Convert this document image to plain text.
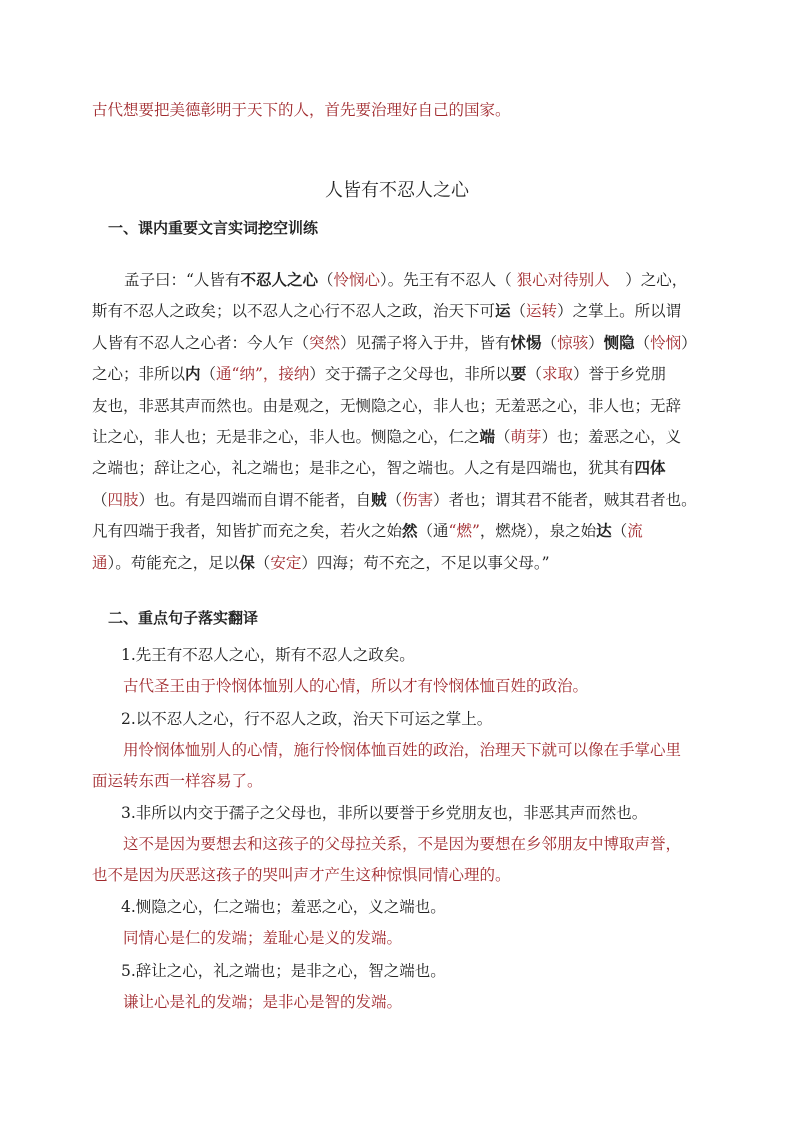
古代想要把美德彰明于天下的人，首先要治理好自己的国家。
人皆有不忍人之心
一、课内重要文言实词挖空训练
孟子曰：“人皆有不忍人之心（怜悯心）。先王有不忍人（ 狠心对待别人　）之心，
斯有不忍人之政矣；以不忍人之心行不忍人之政，治天下可运（运转）之掌上。所以谓
人皆有不忍人之心者：今人乍（突然）见孺子将入于井，皆有怵惕（惊骇）恻隐（怜悯）
之心；非所以内（通“纳”，接纳）交于孺子之父母也，非所以要（求取）誉于乡党朋
友也，非恶其声而然也。由是观之，无恻隐之心，非人也；无羞恶之心，非人也；无辞
让之心，非人也；无是非之心，非人也。恻隐之心，仁之端（萌芽）也；羞恶之心，义
之端也；辞让之心，礼之端也；是非之心，智之端也。人之有是四端也，犹其有四体
（四肢）也。有是四端而自谓不能者，自贼（伤害）者也；谓其君不能者，贼其君者也。
凡有四端于我者，知皆扩而充之矣，若火之始然（通“燃”，燃烧），泉之始达（流
通）。苟能充之，足以保（安定）四海；苟不充之，不足以事父母。”
二、重点句子落实翻译
1.先王有不忍人之心，斯有不忍人之政矣。
古代圣王由于怜悯体恤别人的心情，所以才有怜悯体恤百姓的政治。
2.以不忍人之心，行不忍人之政，治天下可运之掌上。
用怜悯体恤别人的心情，施行怜悯体恤百姓的政治，治理天下就可以像在手掌心里
面运转东西一样容易了。
3.非所以内交于孺子之父母也，非所以要誉于乡党朋友也，非恶其声而然也。
这不是因为要想去和这孩子的父母拉关系，不是因为要想在乡邻朋友中博取声誉，
也不是因为厌恶这孩子的哭叫声才产生这种惊惧同情心理的。
4.恻隐之心，仁之端也；羞恶之心，义之端也。
同情心是仁的发端；羞耻心是义的发端。
5.辞让之心，礼之端也；是非之心，智之端也。
谦让心是礼的发端；是非心是智的发端。
